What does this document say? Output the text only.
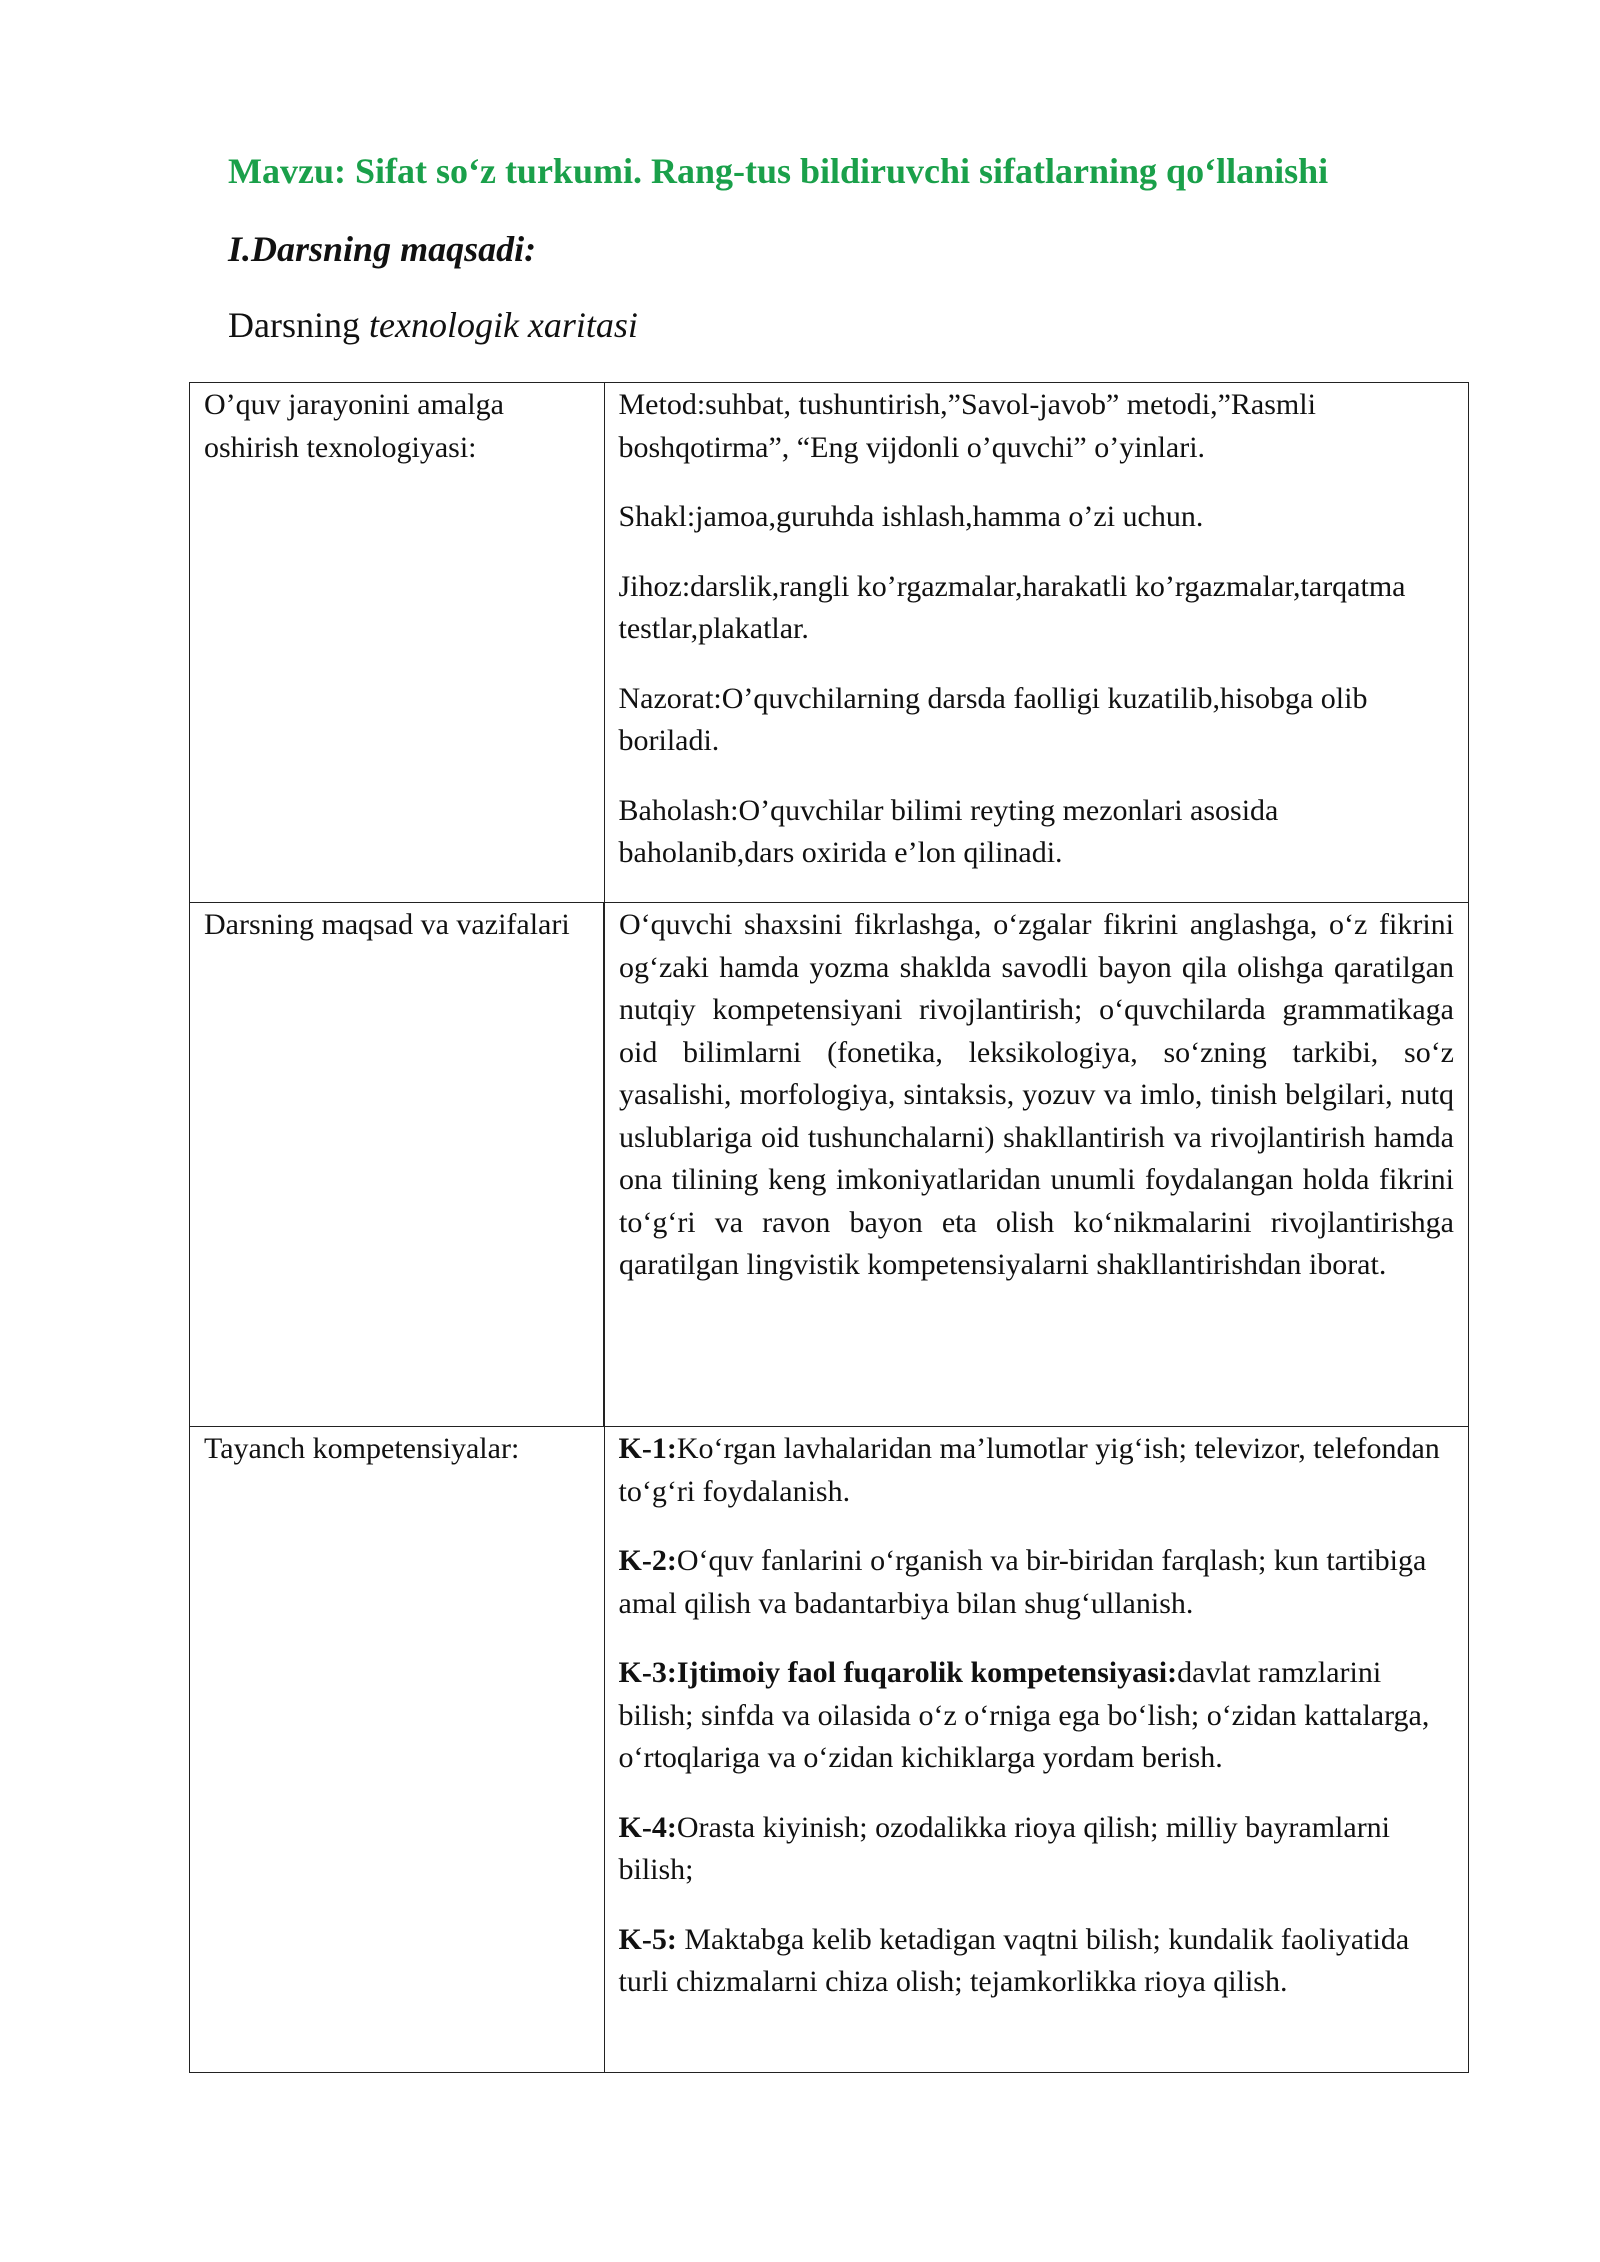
Mavzu: Sifat so‘z turkumi. Rang-tus bildiruvchi sifatlarning qo‘llanishi
I.Darsning maqsadi:

Darsning texnologik xaritasi

O’quv jarayonini amalga oshirish texnologiyasi:	Metod:suhbat, tushuntirish,”Savol-javob” metodi,”Rasmli boshqotirma”, “Eng vijdonli o’quvchi” o’yinlari.

Shakl:jamoa,guruhda ishlash,hamma o’zi uchun.

Jihoz:darslik,rangli ko’rgazmalar,harakatli ko’rgazmalar,tarqatma testlar,plakatlar.

Nazorat:O’quvchilarning darsda faolligi kuzatilib,hisobga olib boriladi.

Baholash:O’quvchilar bilimi reyting mezonlari asosida baholanib,dars oxirida e’lon qilinadi.

Darsning maqsad va vazifalari	O‘quvchi shaxsini fikrlashga, o‘zgalar fikrini anglashga, o‘z fikrini og‘zaki hamda yozma shaklda savodli bayon qila olishga qaratilgan nutqiy kompetensiyani rivojlantirish; o‘quvchilarda grammatikaga oid bilimlarni (fonetika, leksikologiya, so‘zning tarkibi, so‘z yasalishi, morfologiya, sintaksis, yozuv va imlo, tinish belgilari, nutq uslublariga oid tushunchalarni) shakllantirish va rivojlantirish hamda ona tilining keng imkoniyatlaridan unumli foydalangan holda fikrini to‘g‘ri va ravon bayon eta olish ko‘nikmalarini rivojlantirishga qaratilgan lingvistik kompetensiyalarni shakllantirishdan iborat.

Tayanch kompetensiyalar:	K-1:Ko‘rgan lavhalaridan ma’lumotlar yig‘ish; televizor, telefondan to‘g‘ri foydalanish.

K-2:O‘quv fanlarini o‘rganish va bir-biridan farqlash; kun tartibiga amal qilish va badantarbiya bilan shug‘ullanish.

K-3:Ijtimoiy faol fuqarolik kompetensiyasi:davlat ramzlarini bilish; sinfda va oilasida o‘z o‘rniga ega bo‘lish; o‘zidan kattalarga, o‘rtoqlariga va o‘zidan kichiklarga yordam berish.

K-4:Orasta kiyinish; ozodalikka rioya qilish; milliy bayramlarni bilish;

K-5: Maktabga kelib ketadigan vaqtni bilish; kundalik faoliyatida turli chizmalarni chiza olish; tejamkorlikka rioya qilish.
